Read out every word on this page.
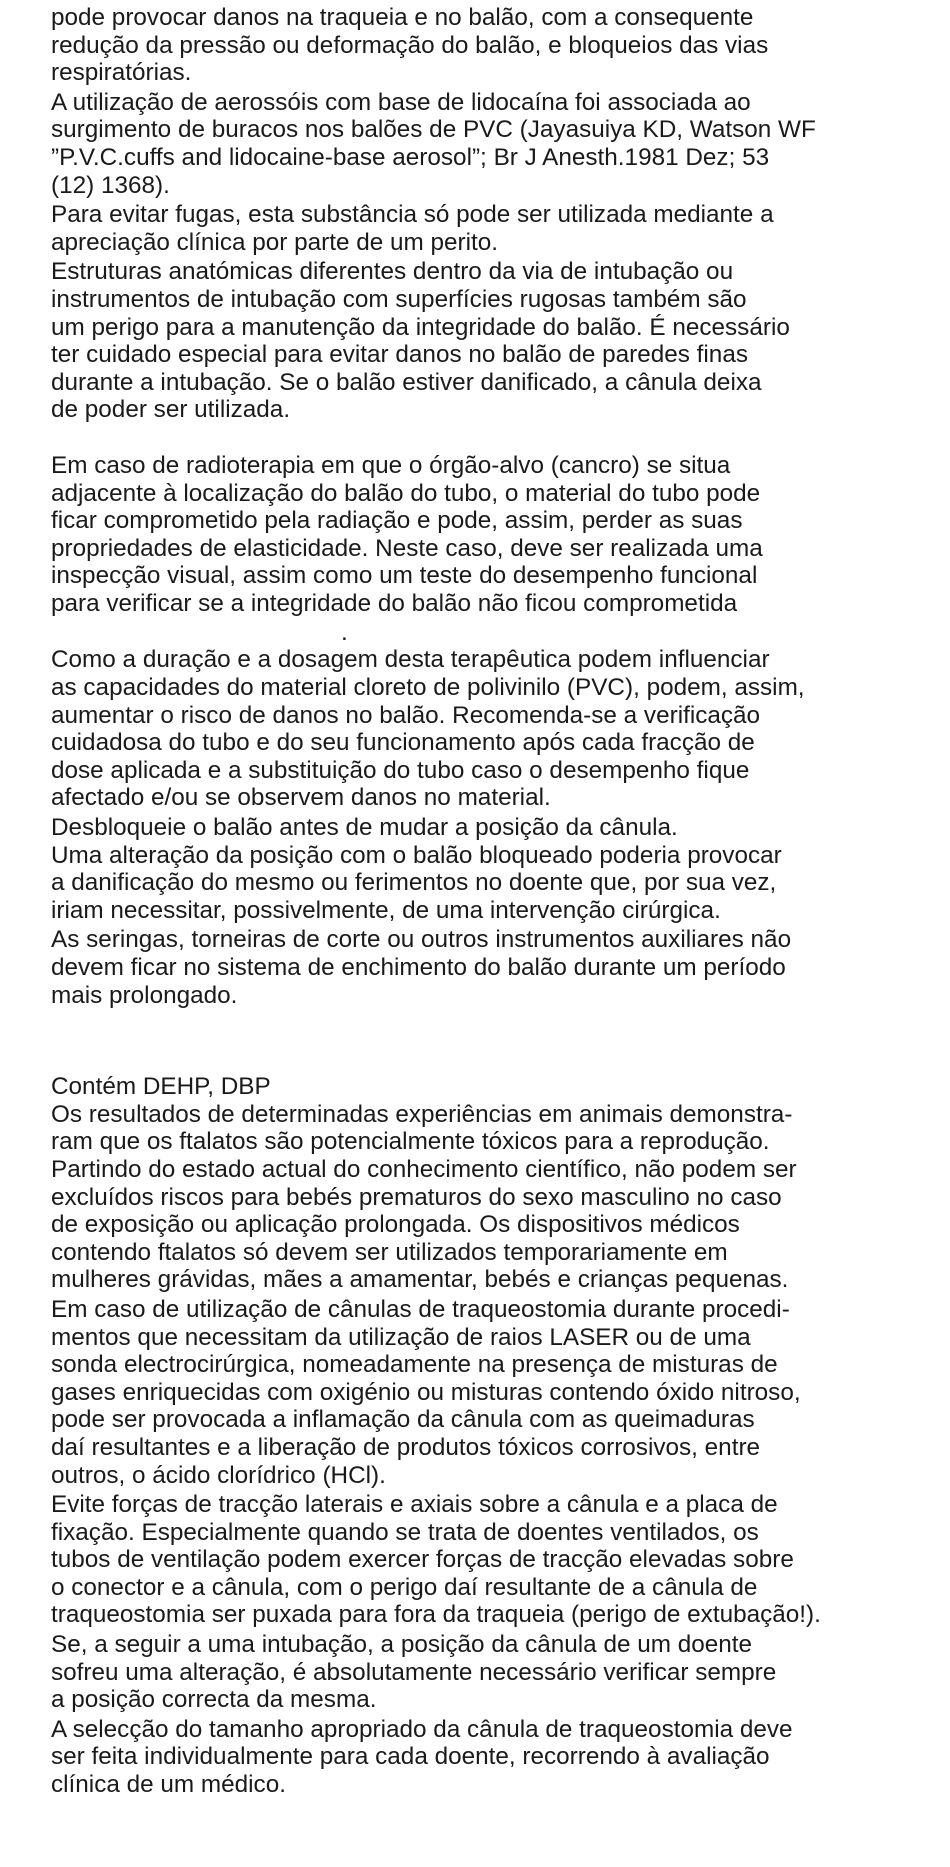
pode provocar danos na traqueia e no balão, com a consequente
redução da pressão ou deformação do balão, e bloqueios das vias
respiratórias.

A utilização de aerossóis com base de lidocaína foi associada ao
surgimento de buracos nos balões de PVC (Jayasuiya KD, Watson WF
”P.V.C.cuffs and lidocaine-base aerosol”; Br J Anesth.1981 Dez; 53
(12) 1368).

Para evitar fugas, esta substância só pode ser utilizada mediante a
apreciação clínica por parte de um perito.

Estruturas anatómicas diferentes dentro da via de intubação ou
instrumentos de intubação com superfícies rugosas também são
um perigo para a manutenção da integridade do balão. É necessário
ter cuidado especial para evitar danos no balão de paredes finas
durante a intubação. Se o balão estiver danificado, a cânula deixa
de poder ser utilizada.

Em caso de radioterapia em que o órgão-alvo (cancro) se situa
adjacente à localização do balão do tubo, o material do tubo pode
ficar comprometido pela radiação e pode, assim, perder as suas
propriedades de elasticidade. Neste caso, deve ser realizada uma
inspecção visual, assim como um teste do desempenho funcional
para verificar se a integridade do balão não ficou comprometida

.

Como a duração e a dosagem desta terapêutica podem influenciar
as capacidades do material cloreto de polivinilo (PVC), podem, assim,
aumentar o risco de danos no balão. Recomenda-se a verificação
cuidadosa do tubo e do seu funcionamento após cada fracção de
dose aplicada e a substituição do tubo caso o desempenho fique
afectado e/ou se observem danos no material.

Desbloqueie o balão antes de mudar a posição da cânula.
Uma alteração da posição com o balão bloqueado poderia provocar
a danificação do mesmo ou ferimentos no doente que, por sua vez,
iriam necessitar, possivelmente, de uma intervenção cirúrgica.

As seringas, torneiras de corte ou outros instrumentos auxiliares não
devem ficar no sistema de enchimento do balão durante um período
mais prolongado.

Contém DEHP, DBP
Os resultados de determinadas experiências em animais demonstra-
ram que os ftalatos são potencialmente tóxicos para a reprodução.
Partindo do estado actual do conhecimento científico, não podem ser
excluídos riscos para bebés prematuros do sexo masculino no caso
de exposição ou aplicação prolongada. Os dispositivos médicos
contendo ftalatos só devem ser utilizados temporariamente em
mulheres grávidas, mães a amamentar, bebés e crianças pequenas.

Em caso de utilização de cânulas de traqueostomia durante procedi-
mentos que necessitam da utilização de raios LASER ou de uma
sonda electrocirúrgica, nomeadamente na presença de misturas de
gases enriquecidas com oxigénio ou misturas contendo óxido nitroso,
pode ser provocada a inflamação da cânula com as queimaduras
daí resultantes e a liberação de produtos tóxicos corrosivos, entre
outros, o ácido clorídrico (HCl).

Evite forças de tracção laterais e axiais sobre a cânula e a placa de
fixação. Especialmente quando se trata de doentes ventilados, os
tubos de ventilação podem exercer forças de tracção elevadas sobre
o conector e a cânula, com o perigo daí resultante de a cânula de
traqueostomia ser puxada para fora da traqueia (perigo de extubação!).

Se, a seguir a uma intubação, a posição da cânula de um doente
sofreu uma alteração, é absolutamente necessário verificar sempre
a posição correcta da mesma.

A selecção do tamanho apropriado da cânula de traqueostomia deve
ser feita individualmente para cada doente, recorrendo à avaliação
clínica de um médico.
